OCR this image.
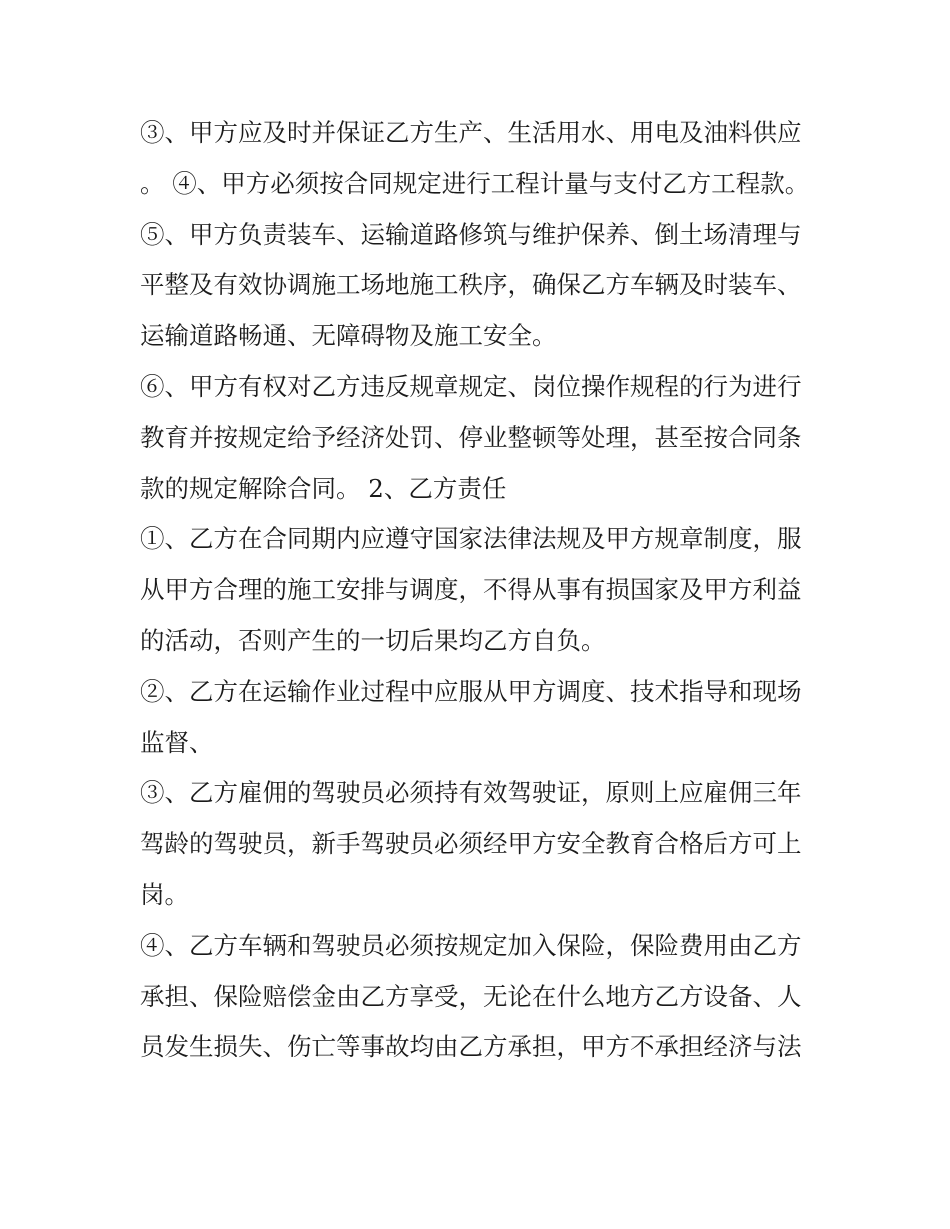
③、甲方应及时并保证乙方生产、生活用水、用电及油料供应。 ④、甲方必须按合同规定进行工程计量与支付乙方工程款。

⑤、甲方负责装车、运输道路修筑与维护保养、倒土场清理与平整及有效协调施工场地施工秩序，确保乙方车辆及时装车、运输道路畅通、无障碍物及施工安全。

⑥、甲方有权对乙方违反规章规定、岗位操作规程的行为进行教育并按规定给予经济处罚、停业整顿等处理，甚至按合同条款的规定解除合同。 2、乙方责任

①、乙方在合同期内应遵守国家法律法规及甲方规章制度，服从甲方合理的施工安排与调度，不得从事有损国家及甲方利益的活动，否则产生的一切后果均乙方自负。

②、乙方在运输作业过程中应服从甲方调度、技术指导和现场监督、

③、乙方雇佣的驾驶员必须持有效驾驶证，原则上应雇佣三年驾龄的驾驶员，新手驾驶员必须经甲方安全教育合格后方可上岗。

④、乙方车辆和驾驶员必须按规定加入保险，保险费用由乙方承担、保险赔偿金由乙方享受，无论在什么地方乙方设备、人员发生损失、伤亡等事故均由乙方承担，甲方不承担经济与法
